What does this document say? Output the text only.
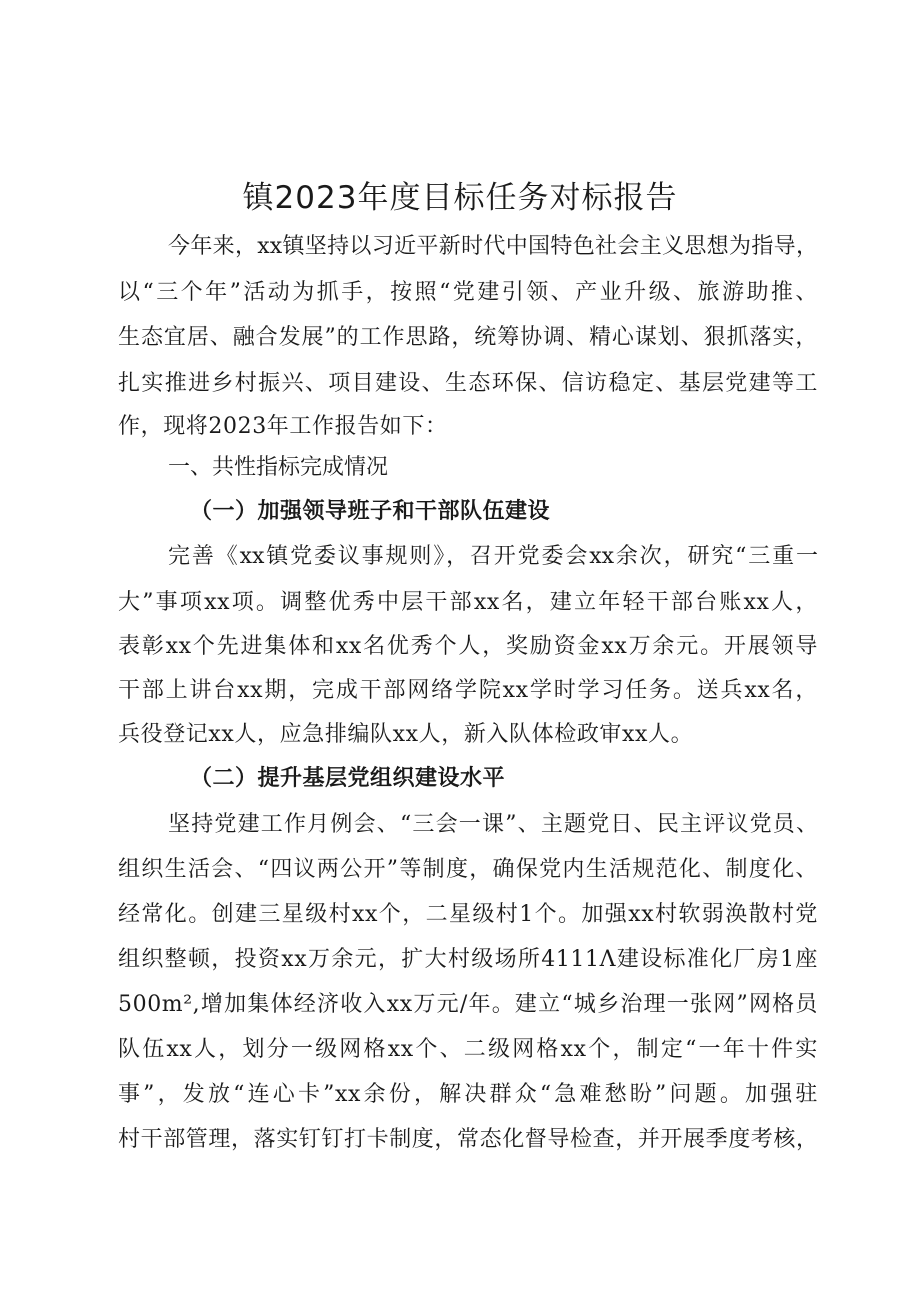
镇2023年度目标任务对标报告

今年来，xx镇坚持以习近平新时代中国特色社会主义思想为指导，

以“三个年”活动为抓手，按照“党建引领、产业升级、旅游助推、

生态宜居、融合发展”的工作思路，统筹协调、精心谋划、狠抓落实，

扎实推进乡村振兴、项目建设、生态环保、信访稳定、基层党建等工

作，现将2023年工作报告如下：

一、共性指标完成情况

（一）加强领导班子和干部队伍建设

完善《xx镇党委议事规则》，召开党委会xx余次，研究“三重一

大”事项xx项。调整优秀中层干部xx名，建立年轻干部台账xx人，

表彰xx个先进集体和xx名优秀个人，奖励资金xx万余元。开展领导

干部上讲台xx期，完成干部网络学院xx学时学习任务。送兵xx名，

兵役登记xx人，应急排编队xx人，新入队体检政审xx人。

（二）提升基层党组织建设水平

坚持党建工作月例会、“三会一课”、主题党日、民主评议党员、

组织生活会、“四议两公开”等制度，确保党内生活规范化、制度化、

经常化。创建三星级村xx个，二星级村1个。加强xx村软弱涣散村党

组织整顿，投资xx万余元，扩大村级场所4111Λ建设标准化厂房1座

500m²,增加集体经济收入xx万元/年。建立“城乡治理一张网”网格员

队伍xx人，划分一级网格xx个、二级网格xx个，制定“一年十件实

事”，发放“连心卡”xx余份，解决群众“急难愁盼”问题。加强驻

村干部管理，落实钉钉打卡制度，常态化督导检查，并开展季度考核，
